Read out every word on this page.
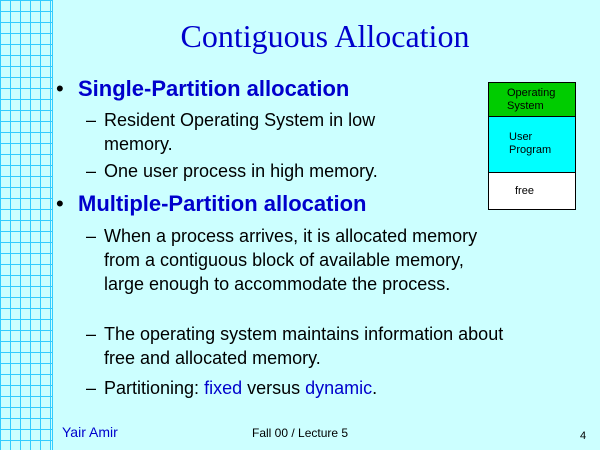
Contiguous Allocation
• Single-Partition allocation
– Resident Operating System in low memory.
– One user process in high memory.
• Multiple-Partition allocation
– When a process arrives, it is allocated memory from a contiguous block of available memory, large enough to accommodate the process.
– The operating system maintains information about free and allocated memory.
– Partitioning: fixed versus dynamic.
Operating System
User Program
free
Yair Amir	Fall 00 / Lecture 5	4
